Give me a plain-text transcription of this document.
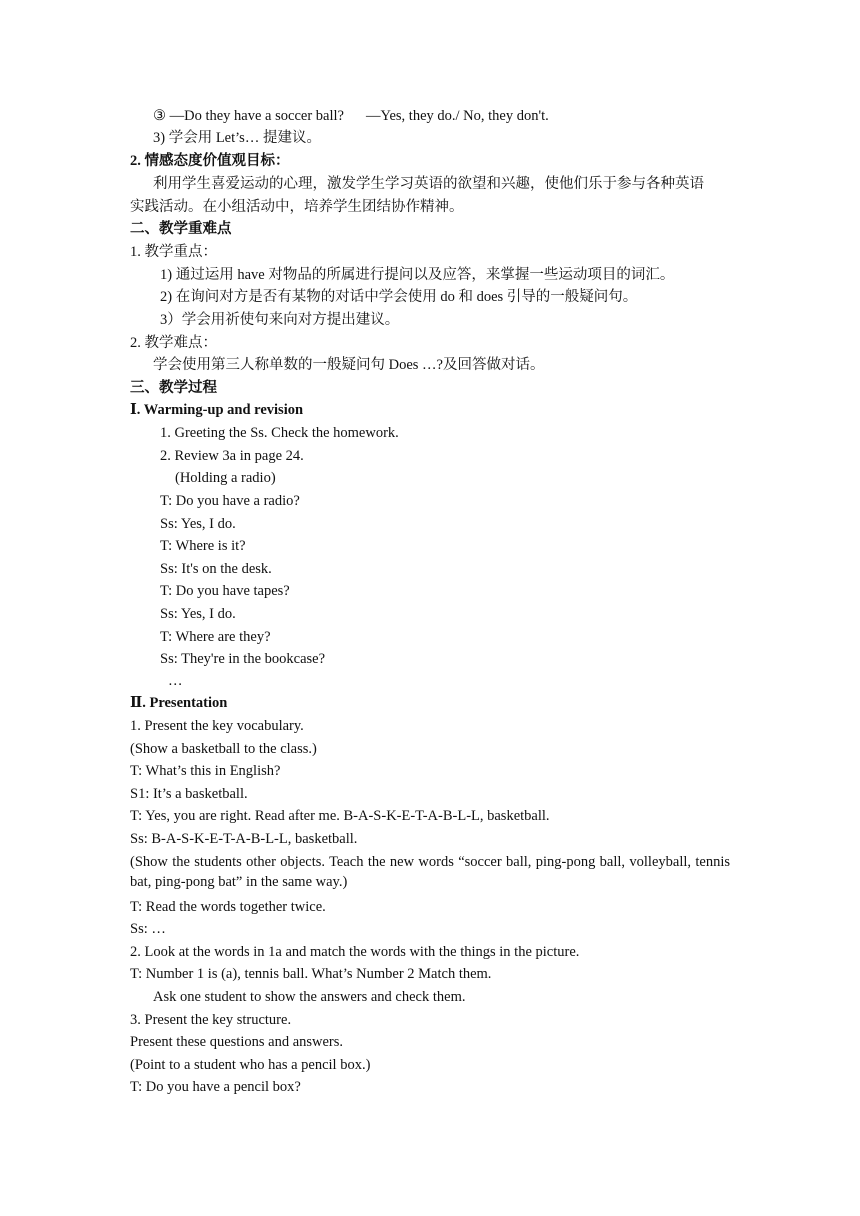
③ —Do they have a soccer ball? —Yes, they do./ No, they don't.
3) 学会用 Let’s… 提建议。
2. 情感态度价值观目标：
利用学生喜爱运动的心理，激发学生学习英语的欲望和兴趣，使他们乐于参与各种英语
实践活动。在小组活动中，培养学生团结协作精神。
二、教学重难点
1. 教学重点：
1) 通过运用 have 对物品的所属进行提问以及应答，来掌握一些运动项目的词汇。
2) 在询问对方是否有某物的对话中学会使用 do 和 does 引导的一般疑问句。
3）学会用祈使句来向对方提出建议。
2. 教学难点：
学会使用第三人称单数的一般疑问句 Does …?及回答做对话。
三、教学过程
Ⅰ. Warming-up and revision
1. Greeting the Ss. Check the homework.
2. Review 3a in page 24.
(Holding a radio)
T: Do you have a radio?
Ss: Yes, I do.
T: Where is it?
Ss: It's on the desk.
T: Do you have tapes?
Ss: Yes, I do.
T: Where are they?
Ss: They're in the bookcase?
…
Ⅱ. Presentation
1. Present the key vocabulary.
(Show a basketball to the class.)
T: What’s this in English?
S1: It’s a basketball.
T: Yes, you are right. Read after me. B-A-S-K-E-T-A-B-L-L, basketball.
Ss: B-A-S-K-E-T-A-B-L-L, basketball.
(Show the students other objects. Teach the new words “soccer ball, ping-pong ball, volleyball, tennis bat, ping-pong bat” in the same way.)
T: Read the words together twice.
Ss: …
2. Look at the words in 1a and match the words with the things in the picture.
T: Number 1 is (a), tennis ball. What’s Number 2 Match them.
Ask one student to show the answers and check them.
3. Present the key structure.
Present these questions and answers.
(Point to a student who has a pencil box.)
T: Do you have a pencil box?
